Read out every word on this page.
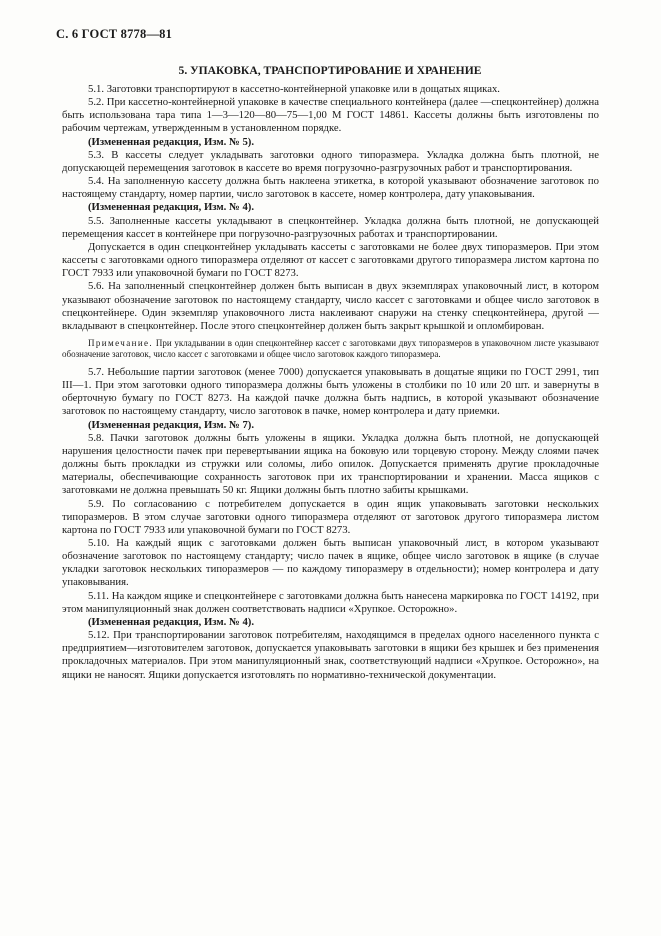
С. 6 ГОСТ 8778—81
5. УПАКОВКА, ТРАНСПОРТИРОВАНИЕ И ХРАНЕНИЕ

5.1. Заготовки транспортируют в кассетно-контейнерной упаковке или в дощатых ящиках.

5.2. При кассетно-контейнерной упаковке в качестве специального контейнера (далее —спецконтейнер) должна быть использована тара типа 1—3—120—80—75—1,00 М ГОСТ 14861. Кассеты должны быть изготовлены по рабочим чертежам, утвержденным в установленном порядке.

(Измененная редакция, Изм. № 5).

5.3. В кассеты следует укладывать заготовки одного типоразмера. Укладка должна быть плотной, не допускающей перемещения заготовок в кассете во время погрузочно-разгрузочных работ и транспортирования.

5.4. На заполненную кассету должна быть наклеена этикетка, в которой указывают обозначение заготовок по настоящему стандарту, номер партии, число заготовок в кассете, номер контролера, дату упаковывания.

(Измененная редакция, Изм. № 4).

5.5. Заполненные кассеты укладывают в спецконтейнер. Укладка должна быть плотной, не допускающей перемещения кассет в контейнере при погрузочно-разгрузочных работах и транспортировании.

Допускается в один спецконтейнер укладывать кассеты с заготовками не более двух типоразмеров. При этом кассеты с заготовками одного типоразмера отделяют от кассет с заготовками другого типоразмера листом картона по ГОСТ 7933 или упаковочной бумаги по ГОСТ 8273.

5.6. На заполненный спецконтейнер должен быть выписан в двух экземплярах упаковочный лист, в котором указывают обозначение заготовок по настоящему стандарту, число кассет с заготовками и общее число заготовок в спецконтейнере. Один экземпляр упаковочного листа наклеивают снаружи на стенку спецконтейнера, другой — вкладывают в спецконтейнер. После этого спецконтейнер должен быть закрыт крышкой и опломбирован.

Примечание. При укладывании в один спецконтейнер кассет с заготовками двух типоразмеров в упаковочном листе указывают обозначение заготовок, число кассет с заготовками и общее число заготовок каждого типоразмера.

5.7. Небольшие партии заготовок (менее 7000) допускается упаковывать в дощатые ящики по ГОСТ 2991, тип III—1. При этом заготовки одного типоразмера должны быть уложены в столбики по 10 или 20 шт. и завернуты в оберточную бумагу по ГОСТ 8273. На каждой пачке должна быть надпись, в которой указывают обозначение заготовок по настоящему стандарту, число заготовок в пачке, номер контролера и дату приемки.

(Измененная редакция, Изм. № 7).

5.8. Пачки заготовок должны быть уложены в ящики. Укладка должна быть плотной, не допускающей нарушения целостности пачек при перевертывании ящика на боковую или торцевую сторону. Между слоями пачек должны быть прокладки из стружки или соломы, либо опилок. Допускается применять другие прокладочные материалы, обеспечивающие сохранность заготовок при их транспортировании и хранении. Масса ящиков с заготовками не должна превышать 50 кг. Ящики должны быть плотно забиты крышками.

5.9. По согласованию с потребителем допускается в один ящик упаковывать заготовки нескольких типоразмеров. В этом случае заготовки одного типоразмера отделяют от заготовок другого типоразмера листом картона по ГОСТ 7933 или упаковочной бумаги по ГОСТ 8273.

5.10. На каждый ящик с заготовками должен быть выписан упаковочный лист, в котором указывают обозначение заготовок по настоящему стандарту; число пачек в ящике, общее число заготовок в ящике (в случае укладки заготовок нескольких типоразмеров — по каждому типоразмеру в отдельности); номер контролера и дату упаковывания.

5.11. На каждом ящике и спецконтейнере с заготовками должна быть нанесена маркировка по ГОСТ 14192, при этом манипуляционный знак должен соответствовать надписи «Хрупкое. Осторожно».

(Измененная редакция, Изм. № 4).

5.12. При транспортировании заготовок потребителям, находящимся в пределах одного населенного пункта с предприятием—изготовителем заготовок, допускается упаковывать заготовки в ящики без крышек и без применения прокладочных материалов. При этом манипуляционный знак, соответствующий надписи «Хрупкое. Осторожно», на ящики не наносят. Ящики допускается изготовлять по нормативно-технической документации.
